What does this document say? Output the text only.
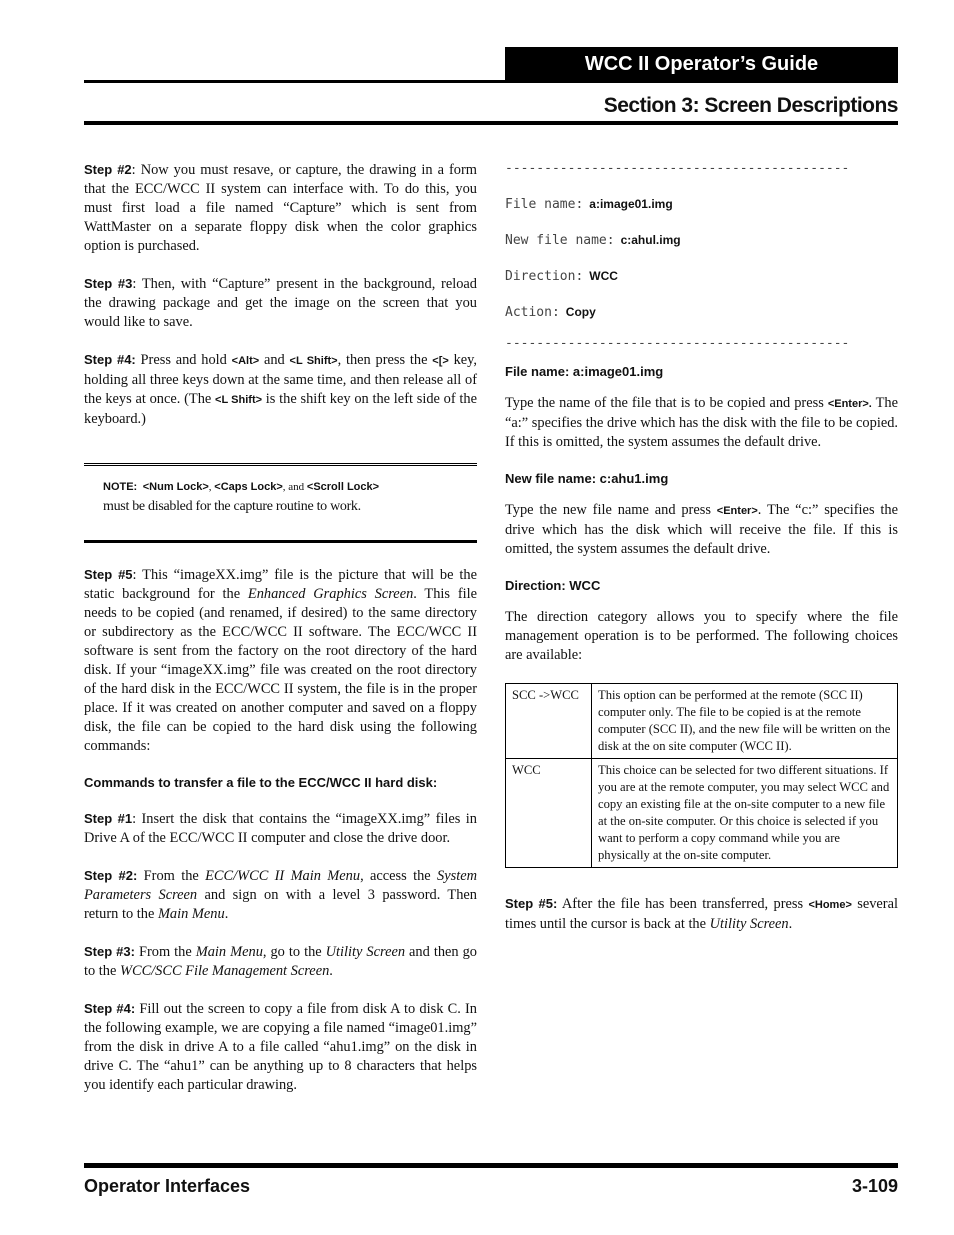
WCC II Operator’s Guide
Section 3: Screen Descriptions

Step #2: Now you must resave, or capture, the drawing in a form that the ECC/WCC II system can interface with. To do this, you must first load a file named “Capture” which is sent from WattMaster on a separate floppy disk when the color graphics option is purchased.

Step #3: Then, with “Capture” present in the background, reload the drawing package and get the image on the screen that you would like to save.

Step #4: Press and hold <Alt> and <L Shift>, then press the <[> key, holding all three keys down at the same time, and then release all of the keys at once. (The <L Shift> is the shift key on the left side of the keyboard.)

NOTE: <Num Lock>, <Caps Lock>, and <Scroll Lock>
must be disabled for the capture routine to work.

Step #5: This “imageXX.img” file is the picture that will be the static background for the Enhanced Graphics Screen. This file needs to be copied (and renamed, if desired) to the same directory or subdirectory as the ECC/WCC II software. The ECC/WCC II software is sent from the factory on the root directory of the hard disk. If your “imageXX.img” file was created on the root directory of the hard disk in the ECC/WCC II system, the file is in the proper place. If it was created on another computer and saved on a floppy disk, the file can be copied to the hard disk using the following commands:

Commands to transfer a file to the ECC/WCC II hard disk:

Step #1: Insert the disk that contains the “imageXX.img” files in Drive A of the ECC/WCC II computer and close the drive door.

Step #2: From the ECC/WCC II Main Menu, access the System Parameters Screen and sign on with a level 3 password. Then return to the Main Menu.

Step #3: From the Main Menu, go to the Utility Screen and then go to the WCC/SCC File Management Screen.

Step #4: Fill out the screen to copy a file from disk A to disk C. In the following example, we are copying a file named “image01.img” from the disk in drive A to a file called “ahu1.img” on the disk in drive C. The “ahu1” can be anything up to 8 characters that helps you identify each particular drawing.

--------------------------------------------
File name: a:image01.img
New file name: c:ahul.img
Direction: WCC
Action: Copy
--------------------------------------------
File name: a:image01.img

Type the name of the file that is to be copied and press <Enter>. The “a:” specifies the drive which has the disk with the file to be copied. If this is omitted, the system assumes the default drive.

New file name: c:ahu1.img

Type the new file name and press <Enter>. The “c:” specifies the drive which has the disk which will receive the file. If this is omitted, the system assumes the default drive.

Direction: WCC

The direction category allows you to specify where the file management operation is to be performed. The following choices are available:

SCC ->WCC	This option can be performed at the remote (SCC II) computer only. The file to be copied is at the remote computer (SCC II), and the new file will be written on the disk at the on site computer (WCC II).
WCC	This choice can be selected for two different situations. If you are at the remote computer, you may select WCC and copy an existing file at the on-site computer to a new file at the on-site computer. Or this choice is selected if you want to perform a copy command while you are physically at the on-site computer.

Step #5: After the file has been transferred, press <Home> several times until the cursor is back at the Utility Screen.

Operator Interfaces	3-109
